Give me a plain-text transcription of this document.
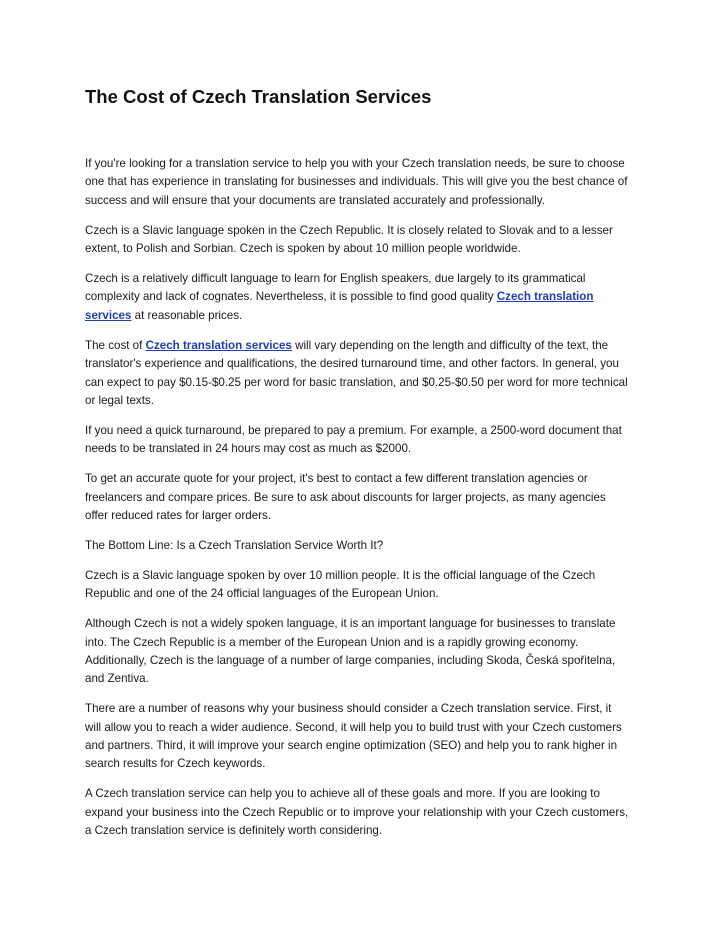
The Cost of Czech Translation Services

If you're looking for a translation service to help you with your Czech translation needs, be sure to choose one that has experience in translating for businesses and individuals. This will give you the best chance of success and will ensure that your documents are translated accurately and professionally.

Czech is a Slavic language spoken in the Czech Republic. It is closely related to Slovak and to a lesser extent, to Polish and Sorbian. Czech is spoken by about 10 million people worldwide.

Czech is a relatively difficult language to learn for English speakers, due largely to its grammatical complexity and lack of cognates. Nevertheless, it is possible to find good quality Czech translation services at reasonable prices.

The cost of Czech translation services will vary depending on the length and difficulty of the text, the translator's experience and qualifications, the desired turnaround time, and other factors. In general, you can expect to pay $0.15-$0.25 per word for basic translation, and $0.25-$0.50 per word for more technical or legal texts.

If you need a quick turnaround, be prepared to pay a premium. For example, a 2500-word document that needs to be translated in 24 hours may cost as much as $2000.

To get an accurate quote for your project, it's best to contact a few different translation agencies or freelancers and compare prices. Be sure to ask about discounts for larger projects, as many agencies offer reduced rates for larger orders.

The Bottom Line: Is a Czech Translation Service Worth It?

Czech is a Slavic language spoken by over 10 million people. It is the official language of the Czech Republic and one of the 24 official languages of the European Union.

Although Czech is not a widely spoken language, it is an important language for businesses to translate into. The Czech Republic is a member of the European Union and is a rapidly growing economy. Additionally, Czech is the language of a number of large companies, including Skoda, Česká spořitelna, and Zentiva.

There are a number of reasons why your business should consider a Czech translation service. First, it will allow you to reach a wider audience. Second, it will help you to build trust with your Czech customers and partners. Third, it will improve your search engine optimization (SEO) and help you to rank higher in search results for Czech keywords.

A Czech translation service can help you to achieve all of these goals and more. If you are looking to expand your business into the Czech Republic or to improve your relationship with your Czech customers, a Czech translation service is definitely worth considering.
